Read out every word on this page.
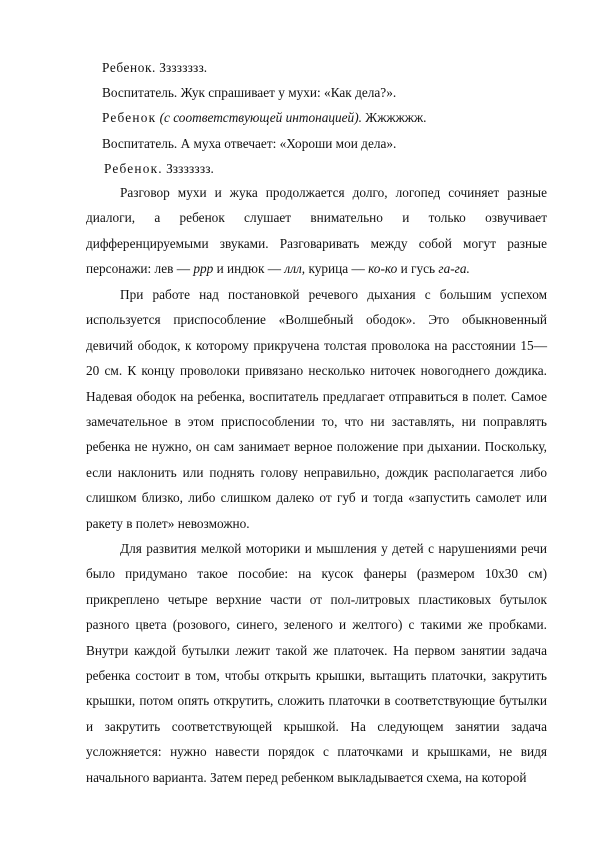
Ребенок. Зззззззз.
Воспитатель. Жук спрашивает у мухи: «Как дела?».
Ребенок (с соответствующей интонацией). Жжжжжж.
Воспитатель. А муха отвечает: «Хороши мои дела».
Ребенок. Зззззззз.

Разговор мухи и жука продолжается долго, логопед сочиняет разные диалоги, а ребенок слушает внимательно и только озвучивает дифференцируемыми звуками. Разговаривать между собой могут разные персонажи: лев — ррр и индюк — ллл, курица — ко-ко и гусь га-га.

При работе над постановкой речевого дыхания с большим успехом используется приспособление «Волшебный ободок». Это обыкновенный девичий ободок, к которому прикручена толстая проволока на расстоянии 15—20 см. К концу проволоки привязано несколько ниточек новогоднего дождика. Надевая ободок на ребенка, воспитатель предлагает отправиться в полет. Самое замечательное в этом приспособлении то, что ни заставлять, ни поправлять ребенка не нужно, он сам занимает верное положение при дыхании. Поскольку, если наклонить или поднять голову неправильно, дождик располагается либо слишком близко, либо слишком далеко от губ и тогда «запустить самолет или ракету в полет» невозможно.

Для развития мелкой моторики и мышления у детей с нарушениями речи было придумано такое пособие: на кусок фанеры (размером 10х30 см) прикреплено четыре верхние части от пол-литровых пластиковых бутылок разного цвета (розового, синего, зеленого и желтого) с такими же пробками. Внутри каждой бутылки лежит такой же платочек. На первом занятии задача ребенка состоит в том, чтобы открыть крышки, вытащить платочки, закрутить крышки, потом опять открутить, сложить платочки в соответствующие бутылки и закрутить соответствующей крышкой. На следующем занятии задача усложняется: нужно навести порядок с платочками и крышками, не видя начального варианта. Затем перед ребенком выкладывается схема, на которой
